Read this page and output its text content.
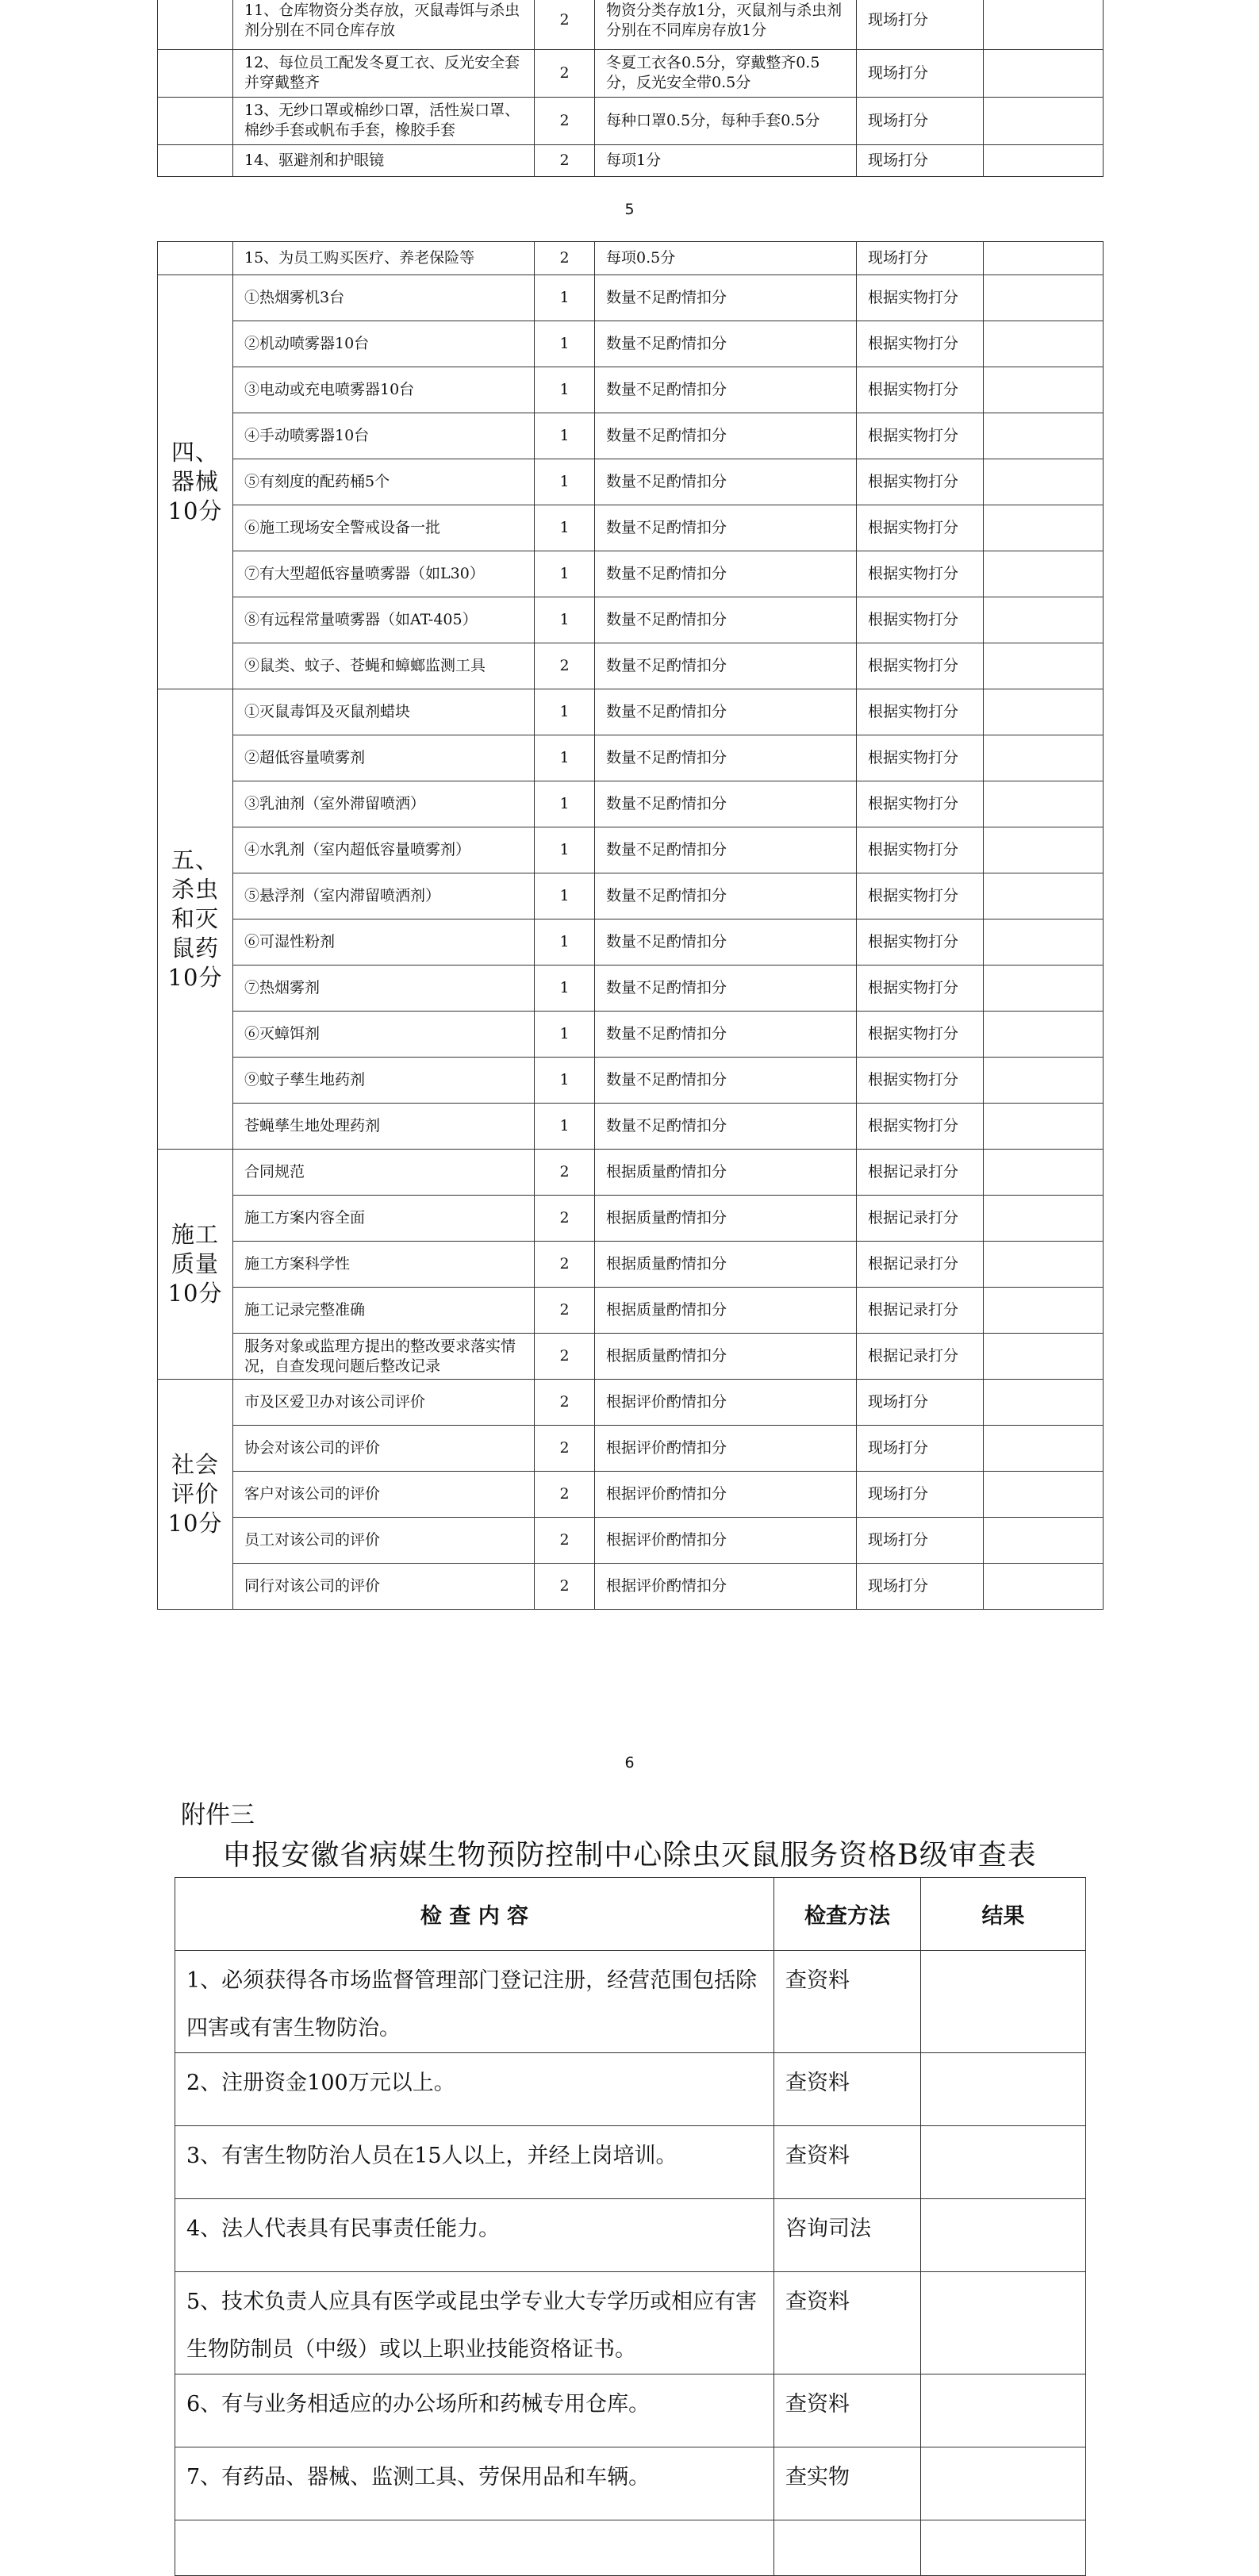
	11、仓库物资分类存放，灭鼠毒饵与杀虫剂分别在不同仓库存放	2	物资分类存放1分，灭鼠剂与杀虫剂分别在不同库房存放1分	现场打分	
	12、每位员工配发冬夏工衣、反光安全套并穿戴整齐	2	冬夏工衣各0.5分，穿戴整齐0.5分，反光安全带0.5分	现场打分	
	13、无纱口罩或棉纱口罩，活性炭口罩、棉纱手套或帆布手套，橡胶手套	2	每种口罩0.5分，每种手套0.5分	现场打分	
	14、驱避剂和护眼镜	2	每项1分	现场打分	
5
	15、为员工购买医疗、养老保险等	2	每项0.5分	现场打分	

四、
器械
10分	①热烟雾机3台	1	数量不足酌情扣分	根据实物打分	
	②机动喷雾器10台	1	数量不足酌情扣分	根据实物打分	
	③电动或充电喷雾器10台	1	数量不足酌情扣分	根据实物打分	
	④手动喷雾器10台	1	数量不足酌情扣分	根据实物打分	
	⑤有刻度的配药桶5个	1	数量不足酌情扣分	根据实物打分	
	⑥施工现场安全警戒设备一批	1	数量不足酌情扣分	根据实物打分	
	⑦有大型超低容量喷雾器（如L30）	1	数量不足酌情扣分	根据实物打分	
	⑧有远程常量喷雾器（如AT-405）	1	数量不足酌情扣分	根据实物打分	
	⑨鼠类、蚊子、苍蝇和蟑螂监测工具	2	数量不足酌情扣分	根据实物打分	

五、
杀虫
和灭
鼠药
10分	①灭鼠毒饵及灭鼠剂蜡块	1	数量不足酌情扣分	根据实物打分	
	②超低容量喷雾剂	1	数量不足酌情扣分	根据实物打分	
	③乳油剂（室外滞留喷洒）	1	数量不足酌情扣分	根据实物打分	
	④水乳剂（室内超低容量喷雾剂）	1	数量不足酌情扣分	根据实物打分	
	⑤悬浮剂（室内滞留喷洒剂）	1	数量不足酌情扣分	根据实物打分	
	⑥可湿性粉剂	1	数量不足酌情扣分	根据实物打分	
	⑦热烟雾剂	1	数量不足酌情扣分	根据实物打分	
	⑥灭蟑饵剂	1	数量不足酌情扣分	根据实物打分	
	⑨蚊子孳生地药剂	1	数量不足酌情扣分	根据实物打分	
	苍蝇孳生地处理药剂	1	数量不足酌情扣分	根据实物打分	

施工
质量
10分	合同规范	2	根据质量酌情扣分	根据记录打分	
	施工方案内容全面	2	根据质量酌情扣分	根据记录打分	
	施工方案科学性	2	根据质量酌情扣分	根据记录打分	
	施工记录完整准确	2	根据质量酌情扣分	根据记录打分	
	服务对象或监理方提出的整改要求落实情况，自查发现问题后整改记录	2	根据质量酌情扣分	根据记录打分	

社会
评价
10分	市及区爱卫办对该公司评价	2	根据评价酌情扣分	现场打分	
	协会对该公司的评价	2	根据评价酌情扣分	现场打分	
	客户对该公司的评价	2	根据评价酌情扣分	现场打分	
	员工对该公司的评价	2	根据评价酌情扣分	现场打分	
	同行对该公司的评价	2	根据评价酌情扣分	现场打分	
6
附件三
申报安徽省病媒生物预防控制中心除虫灭鼠服务资格B级审查表
检 查 内 容	检查方法	结果
1、必须获得各市场监督管理部门登记注册，经营范围包括除四害或有害生物防治。	查资料	
2、注册资金100万元以上。	查资料	
3、有害生物防治人员在15人以上，并经上岗培训。	查资料	
4、法人代表具有民事责任能力。	咨询司法	
5、技术负责人应具有医学或昆虫学专业大专学历或相应有害生物防制员（中级）或以上职业技能资格证书。	查资料	
6、有与业务相适应的办公场所和药械专用仓库。	查资料	
7、有药品、器械、监测工具、劳保用品和车辆。	查实物	
